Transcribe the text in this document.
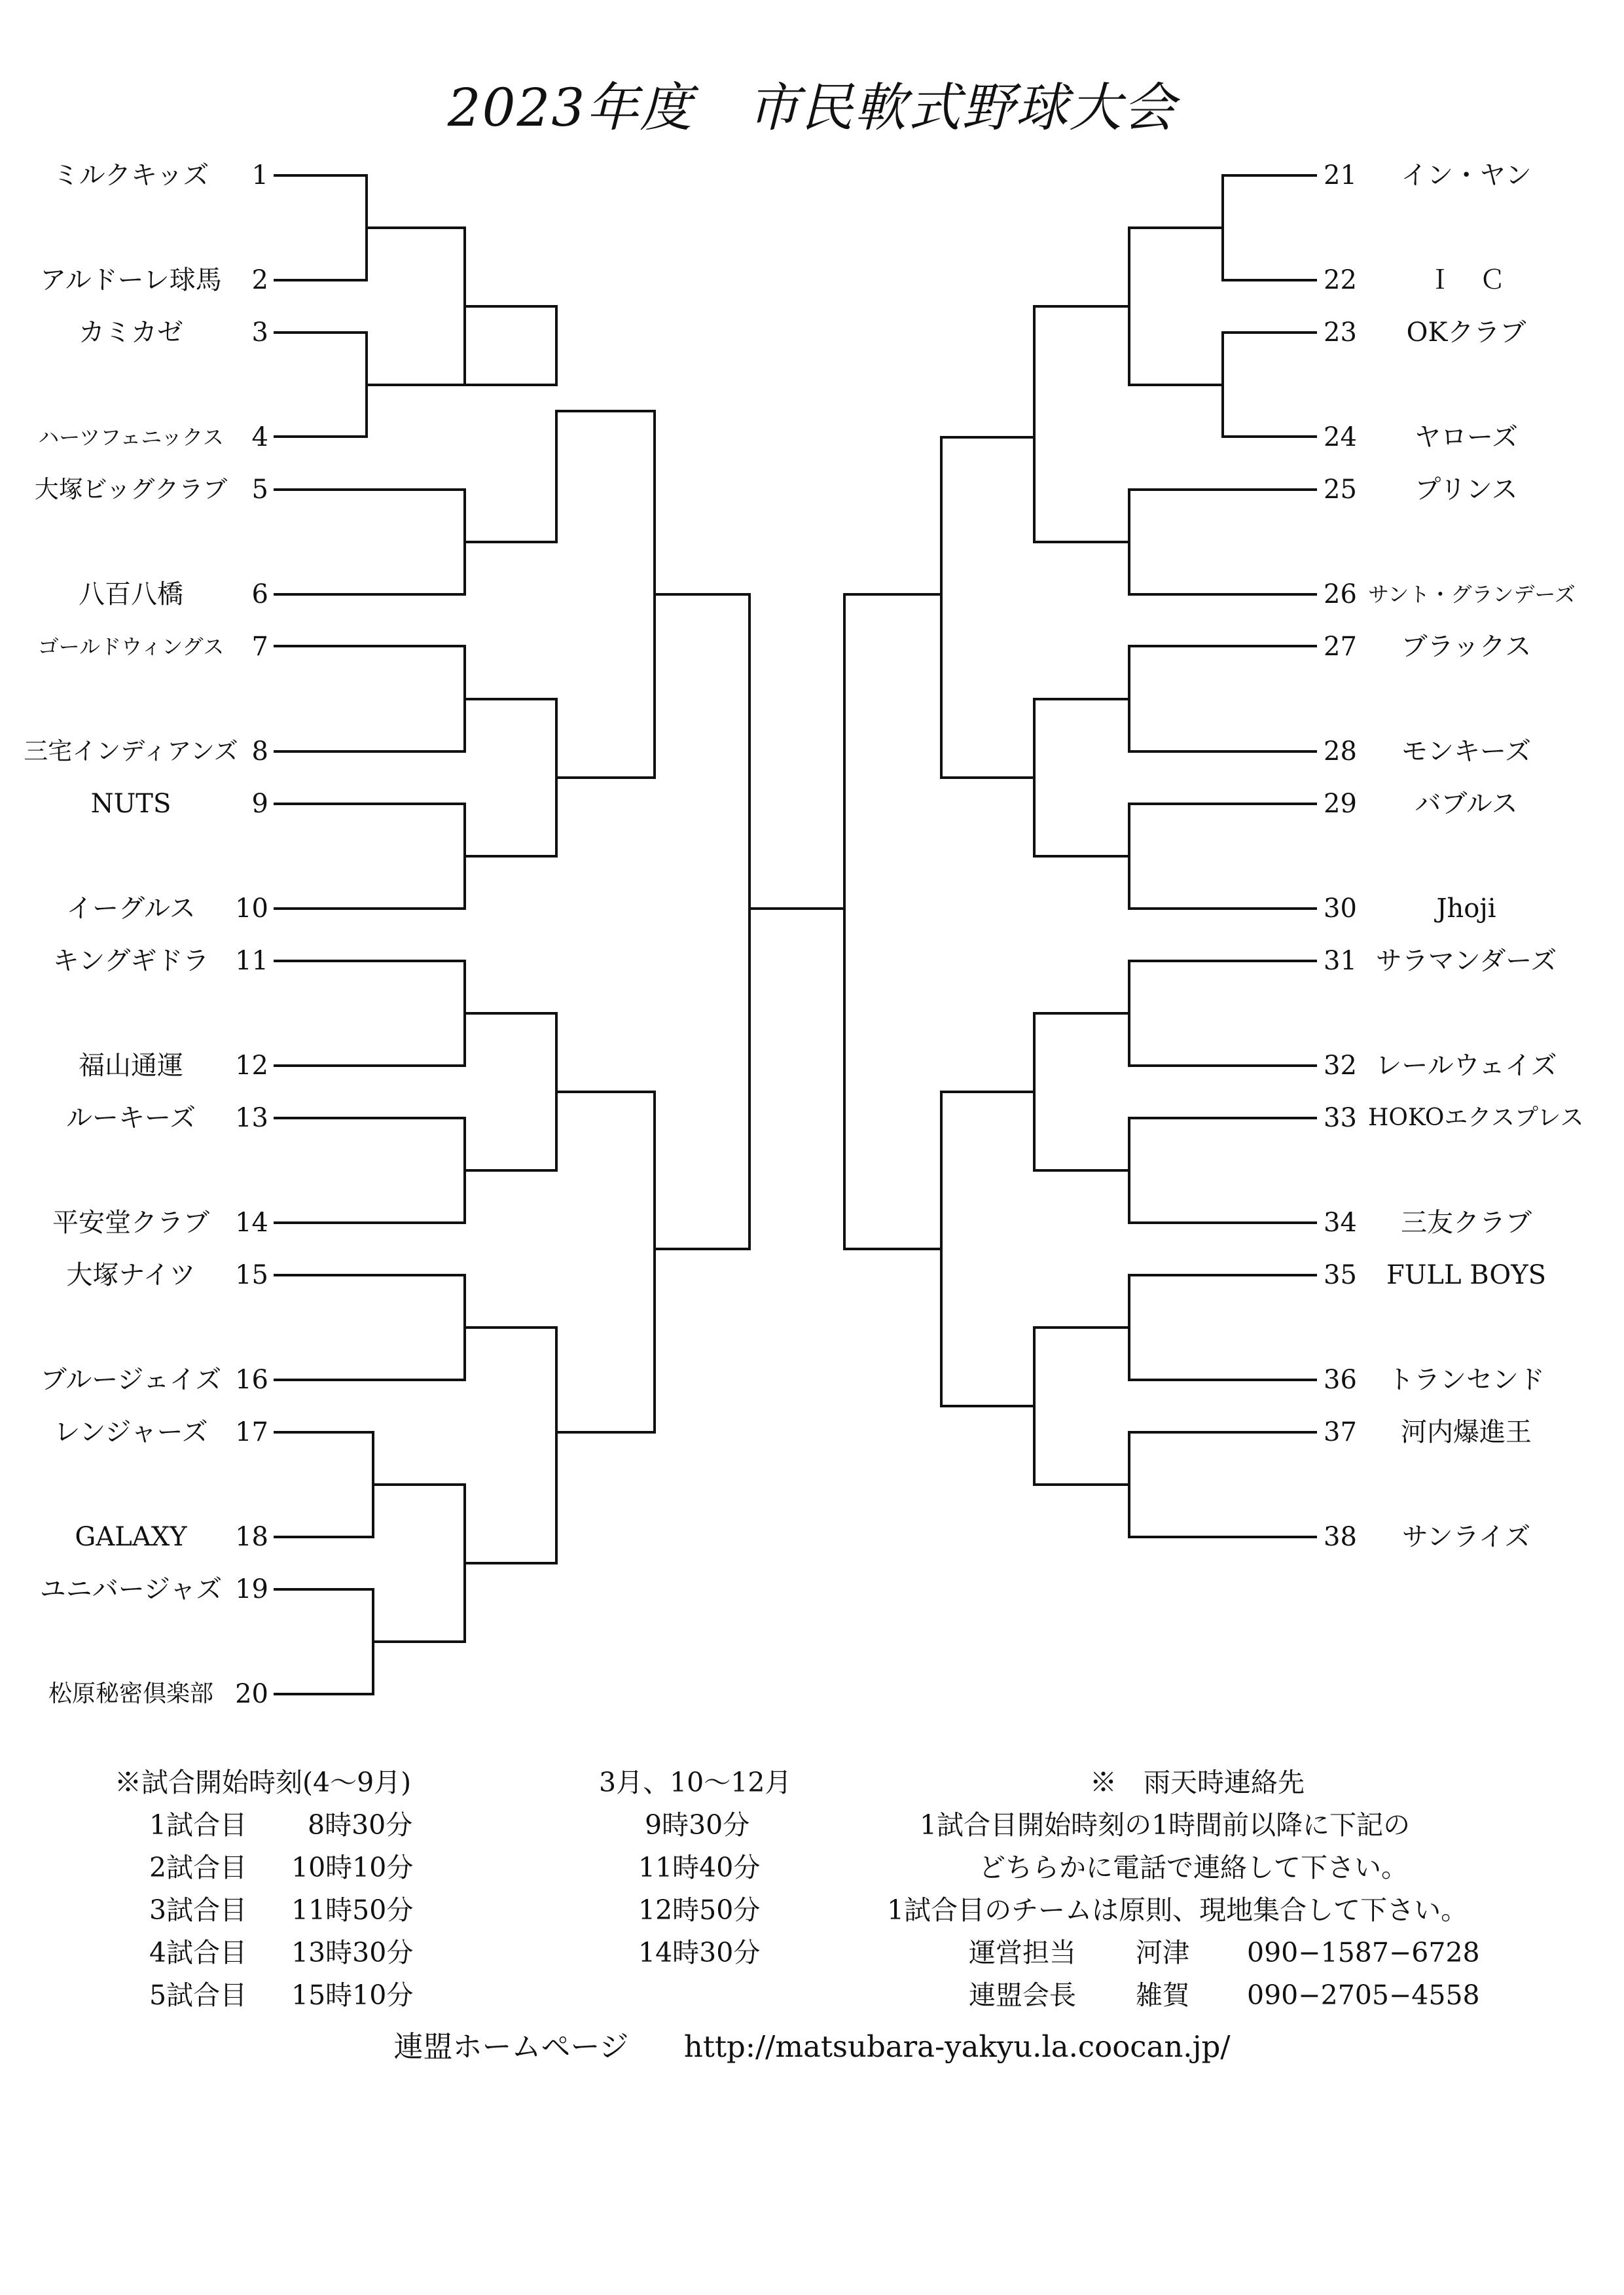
2023年度　市民軟式野球大会
ミルクキッズ	1
アルドーレ球馬	2
カミカゼ	3
ハーツフェニックス	4
大塚ビッグクラブ 5
八百八橋	6
ゴールドウィングス	7
三宅インディアンズ 8
NUTS	9
イーグルス	10
キングギドラ 11
福山通運	12
ルーキーズ	13
平安堂クラブ 14
大塚ナイツ	15
ブルージェイズ 16
レンジャーズ	17
GALAXY	18
ユニバージャズ 19
松原秘密倶楽部 20
21	イン・ヤン
22	Ｉ　Ｃ
23	OKクラブ
24	ヤローズ
25	プリンス
26 サント・グランデーズ
27	ブラックス
28	モンキーズ
29	バブルス
30	Jhoji
31 サラマンダーズ
32 レールウェイズ
33 HOKOエクスプレス
34	三友クラブ
35	FULL BOYS
36	トランセンド
37	河内爆進王
38	サンライズ
※試合開始時刻(4～9月)	3月、10～12月
1試合目 8時30分	9時30分
2試合目 10時10分	11時40分
3試合目 11時50分	12時50分
4試合目 13時30分	14時30分
5試合目 15時10分
※　雨天時連絡先
1試合目開始時刻の1時間前以降に下記の
どちらかに電話で連絡して下さい。
1試合目のチームは原則、現地集合して下さい。
運営担当 河津 090−1587−6728
連盟会長 雑賀 090−2705−4558
連盟ホームページ http://matsubara-yakyu.la.coocan.jp/
